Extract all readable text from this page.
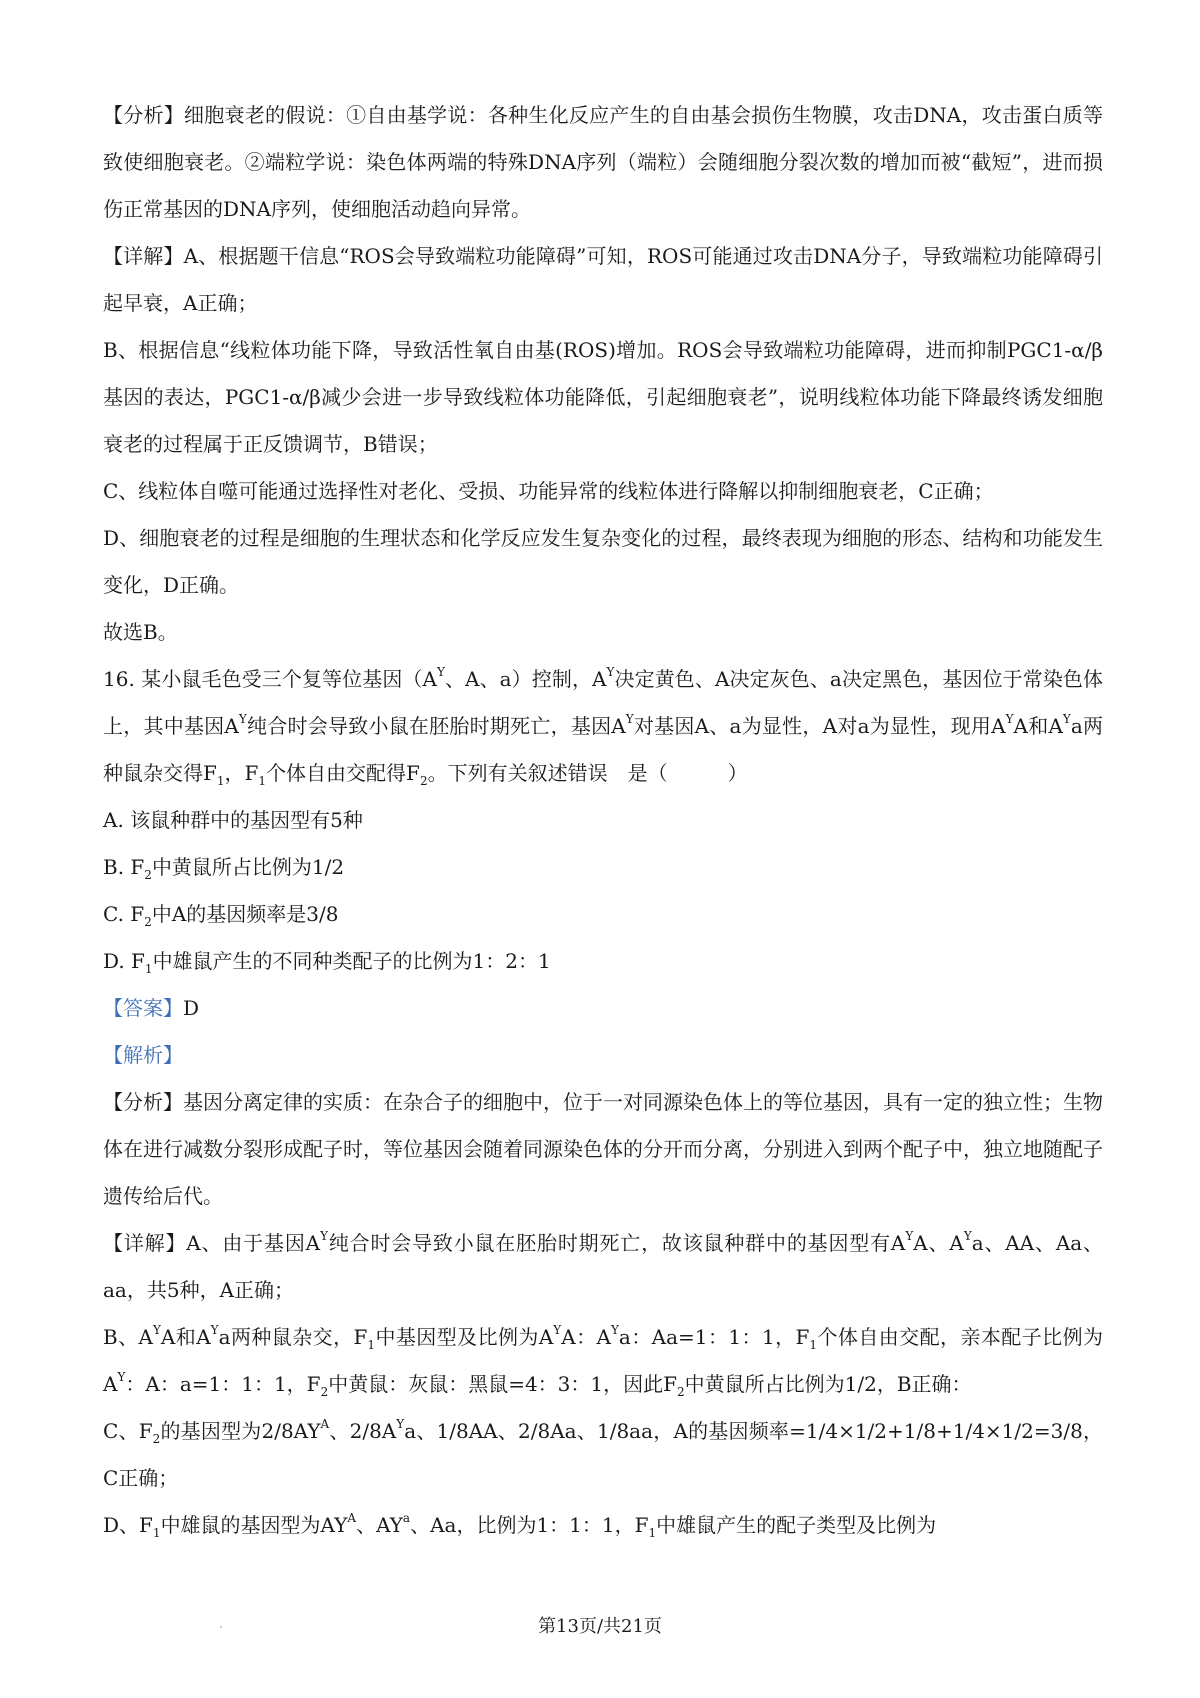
【分析】细胞衰老的假说：①自由基学说：各种生化反应产生的自由基会损伤生物膜，攻击DNA，攻击蛋白质等致使细胞衰老。②端粒学说：染色体两端的特殊DNA序列（端粒）会随细胞分裂次数的增加而被“截短”，进而损伤正常基因的DNA序列，使细胞活动趋向异常。

【详解】A、根据题干信息“ROS会导致端粒功能障碍”可知，ROS可能通过攻击DNA分子，导致端粒功能障碍引起早衰，A正确；

B、根据信息“线粒体功能下降，导致活性氧自由基(ROS)增加。ROS会导致端粒功能障碍，进而抑制PGC1-α/β基因的表达，PGC1-α/β减少会进一步导致线粒体功能降低，引起细胞衰老”，说明线粒体功能下降最终诱发细胞衰老的过程属于正反馈调节，B错误；

C、线粒体自噬可能通过选择性对老化、受损、功能异常的线粒体进行降解以抑制细胞衰老，C正确；

D、细胞衰老的过程是细胞的生理状态和化学反应发生复杂变化的过程，最终表现为细胞的形态、结构和功能发生变化，D正确。

故选B。

16. 某小鼠毛色受三个复等位基因（$A^Y$、A、a）控制，$A^Y$决定黄色、A决定灰色、a决定黑色，基因位于常染色体上，其中基因$A^Y$纯合时会导致小鼠在胚胎时期死亡，基因$A^Y$对基因A、a为显性，A对a为显性，现用$A^YA$和$A^Ya$两种鼠杂交得$F_1$，$F_1$个体自由交配得$F_2$。下列有关叙述错误　是（　　　）

A. 该鼠种群中的基因型有5种

B. $F_2$中黄鼠所占比例为1/2

C. $F_2$中A的基因频率是3/8

D. $F_1$中雄鼠产生的不同种类配子的比例为1：2：1

【答案】D

【解析】

【分析】基因分离定律的实质：在杂合子的细胞中，位于一对同源染色体上的等位基因，具有一定的独立性；生物体在进行减数分裂形成配子时，等位基因会随着同源染色体的分开而分离，分别进入到两个配子中，独立地随配子遗传给后代。

【详解】A、由于基因$A^Y$纯合时会导致小鼠在胚胎时期死亡，故该鼠种群中的基因型有$A^YA$、$A^Ya$、AA、Aa、aa，共5种，A正确；

B、$A^YA$和$A^Ya$两种鼠杂交，$F_1$中基因型及比例为$A^YA$：$A^Ya$：Aa=1：1：1，$F_1$个体自由交配，亲本配子比例为$A^Y$：A：a=1：1：1，$F_2$中黄鼠：灰鼠：黑鼠=4：3：1，因此$F_2$中黄鼠所占比例为1/2，B正确：

C、$F_2$的基因型为$2/8AY^A$、$2/8A^Ya$、1/8AA、2/8Aa、1/8aa，A的基因频率=1/4×1/2+1/8+1/4×1/2=3/8，C正确；

D、$F_1$中雄鼠的基因型为$AY^A$、$AY^a$、Aa，比例为1：1：1，$F_1$中雄鼠产生的配子类型及比例为

第13页/共21页
